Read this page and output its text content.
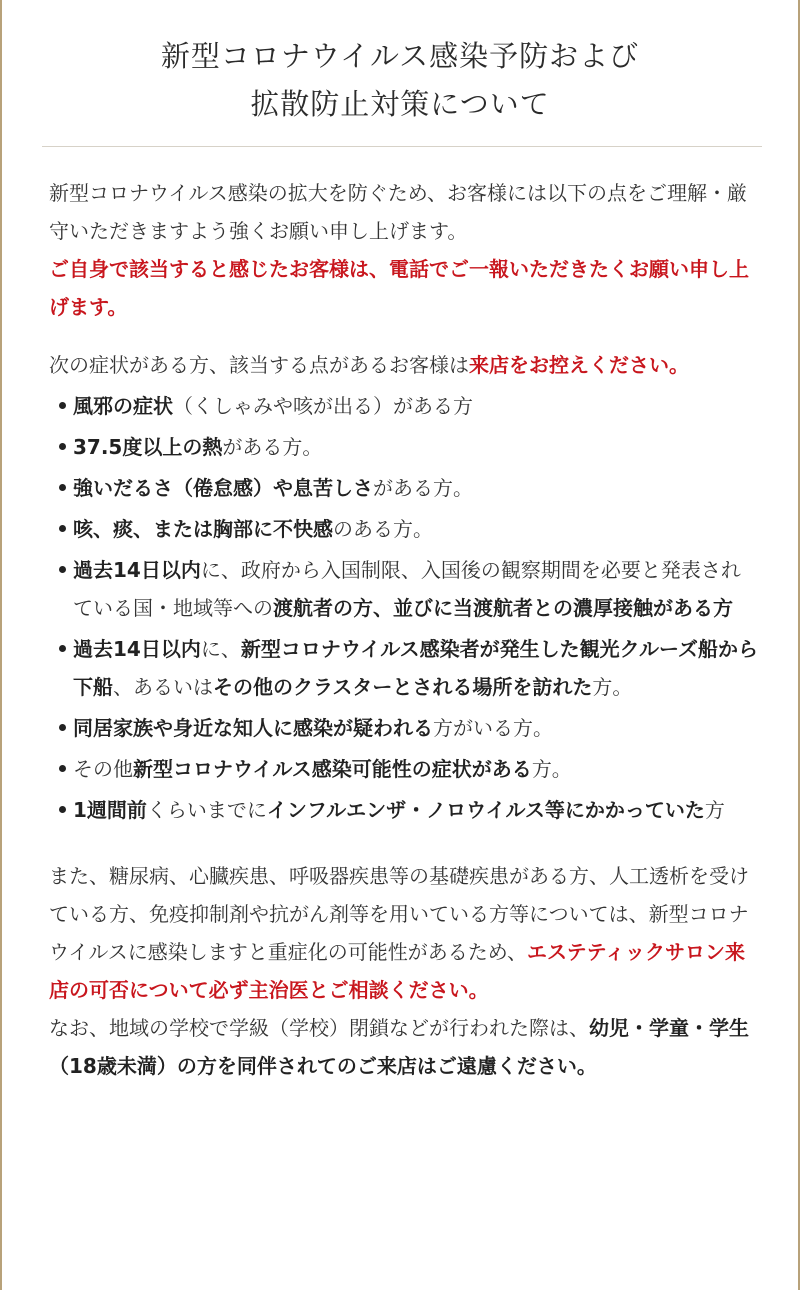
新型コロナウイルス感染予防および
拡散防止対策について

新型コロナウイルス感染の拡大を防ぐため、お客様には以下の点をご理解・厳守いただきますよう強くお願い申し上げます。
ご自身で該当すると感じたお客様は、電話でご一報いただきたくお願い申し上げます。

次の症状がある方、該当する点があるお客様は来店をお控えください。

風邪の症状（くしゃみや咳が出る）がある方
37.5度以上の熱がある方。
強いだるさ（倦怠感）や息苦しさがある方。
咳、痰、または胸部に不快感のある方。
過去14日以内に、政府から入国制限、入国後の観察期間を必要と発表されている国・地域等への渡航者の方、並びに当渡航者との濃厚接触がある方
過去14日以内に、新型コロナウイルス感染者が発生した観光クルーズ船から下船、あるいはその他のクラスターとされる場所を訪れた方。
同居家族や身近な知人に感染が疑われる方がいる方。
その他新型コロナウイルス感染可能性の症状がある方。
1週間前くらいまでにインフルエンザ・ノロウイルス等にかかっていた方

また、糖尿病、心臓疾患、呼吸器疾患等の基礎疾患がある方、人工透析を受けている方、免疫抑制剤や抗がん剤等を用いている方等については、新型コロナウイルスに感染しますと重症化の可能性があるため、エステティックサロン来店の可否について必ず主治医とご相談ください。

なお、地域の学校で学級（学校）閉鎖などが行われた際は、幼児・学童・学生（18歳未満）の方を同伴されてのご来店はご遠慮ください。
